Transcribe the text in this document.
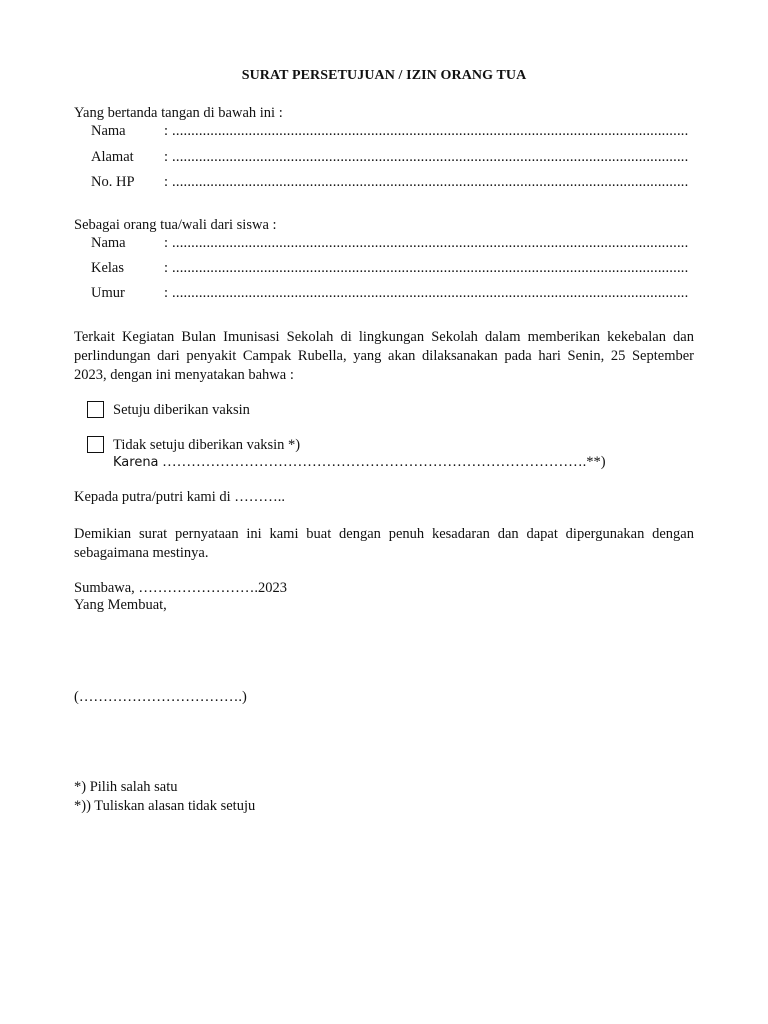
SURAT PERSETUJUAN / IZIN ORANG TUA
Yang bertanda tangan di bawah ini :
Nama	: .......................................................................................................................................
Alamat : .......................................................................................................................................
No. HP : .......................................................................................................................................
Sebagai orang tua/wali dari siswa :
Nama	: .......................................................................................................................................
Kelas	: .......................................................................................................................................
Umur	: .......................................................................................................................................
Terkait Kegiatan Bulan Imunisasi Sekolah di lingkungan Sekolah dalam memberikan kekebalan dan perlindungan dari penyakit Campak Rubella, yang akan dilaksanakan pada hari Senin, 25 September 2023, dengan ini menyatakan bahwa :
Setuju diberikan vaksin
Tidak setuju diberikan vaksin *)
Karena …………………………………………………………………………….**)
Kepada putra/putri kami di ………..
Demikian surat pernyataan ini kami buat dengan penuh kesadaran dan dapat dipergunakan dengan sebagaimana mestinya.
Sumbawa, …………………….2023
Yang Membuat,
(…………………………….)
*) Pilih salah satu
*)) Tuliskan alasan tidak setuju
